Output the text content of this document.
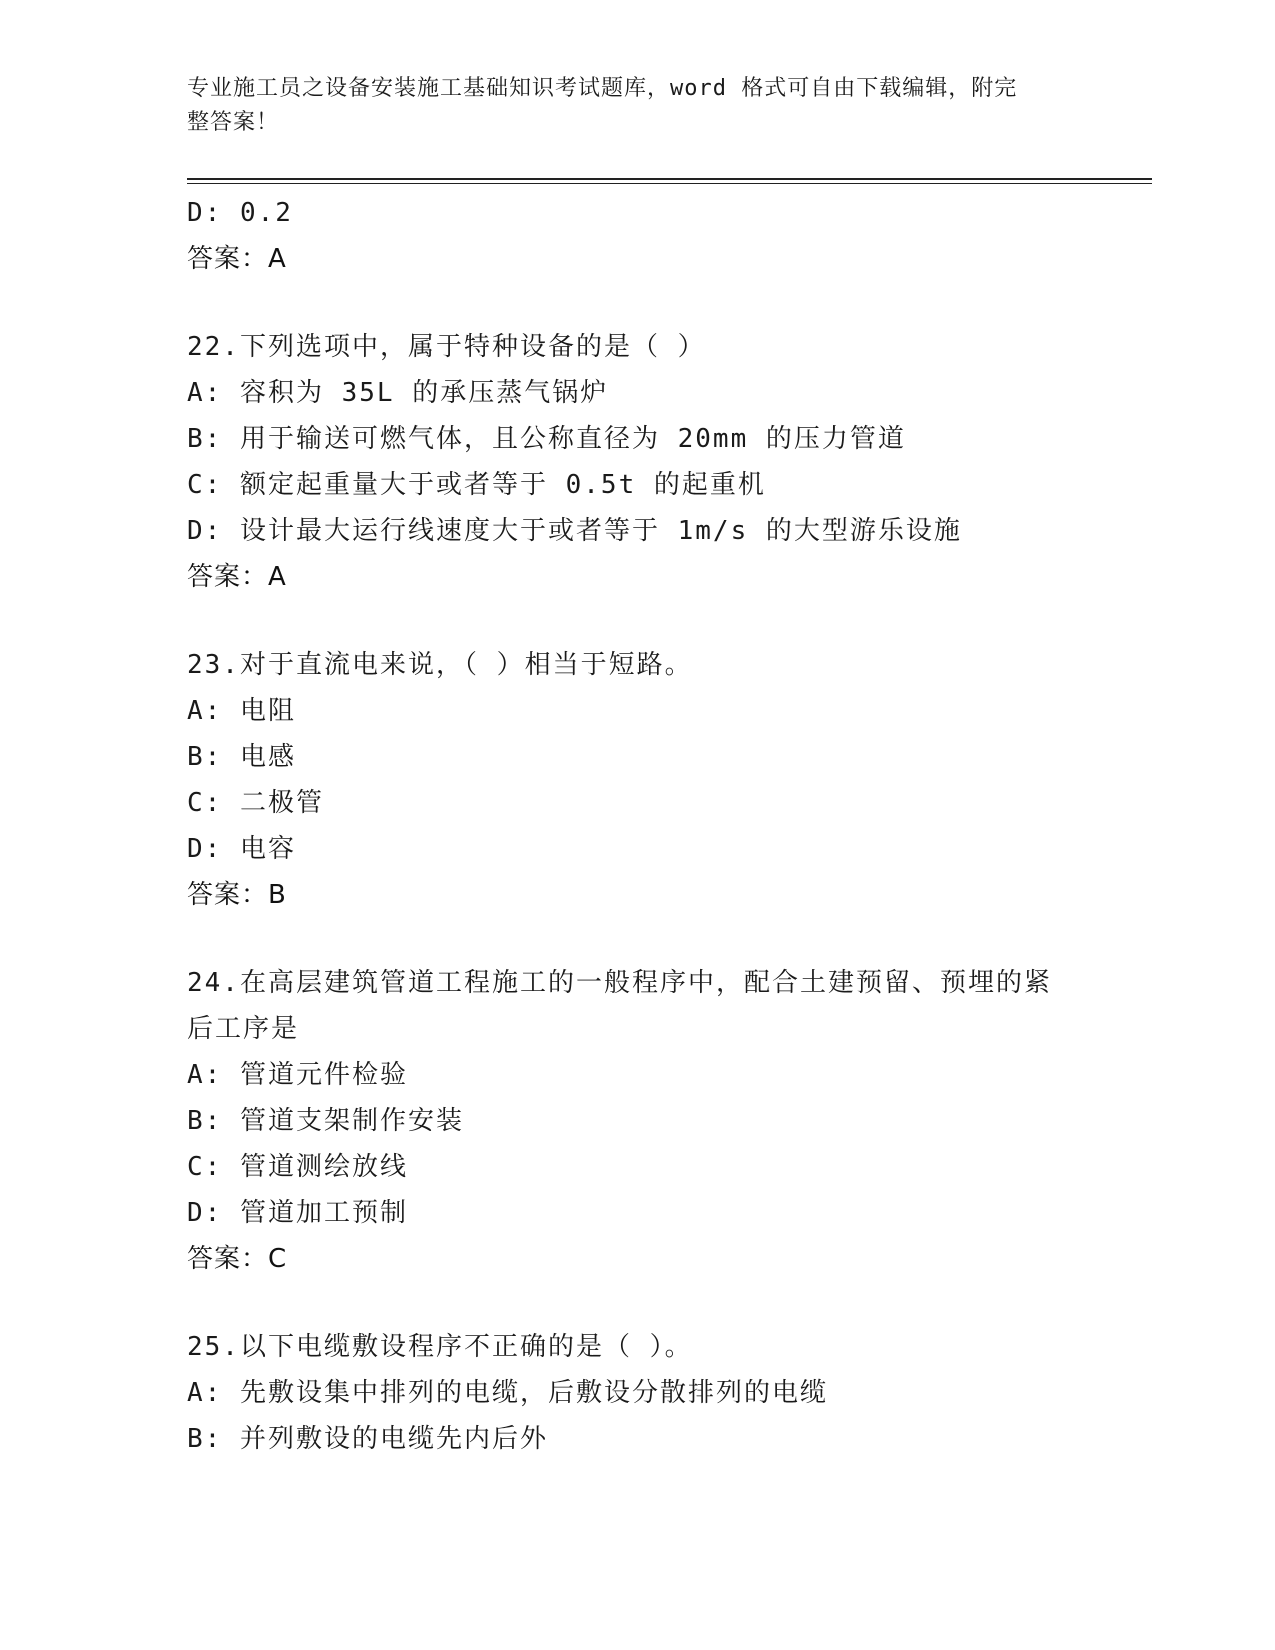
专业施工员之设备安装施工基础知识考试题库，word 格式可自由下载编辑，附完
整答案！
D: 0.2
答案：A
22.下列选项中，属于特种设备的是（ ）
A: 容积为 35L 的承压蒸气锅炉
B: 用于输送可燃气体，且公称直径为 20mm 的压力管道
C: 额定起重量大于或者等于 0.5t 的起重机
D: 设计最大运行线速度大于或者等于 1m/s 的大型游乐设施
答案：A
23.对于直流电来说，（ ）相当于短路。
A: 电阻
B: 电感
C: 二极管
D: 电容
答案：B
24.在高层建筑管道工程施工的一般程序中，配合土建预留、预埋的紧
后工序是
A: 管道元件检验
B: 管道支架制作安装
C: 管道测绘放线
D: 管道加工预制
答案：C
25.以下电缆敷设程序不正确的是（ ）。
A: 先敷设集中排列的电缆，后敷设分散排列的电缆
B: 并列敷设的电缆先内后外
